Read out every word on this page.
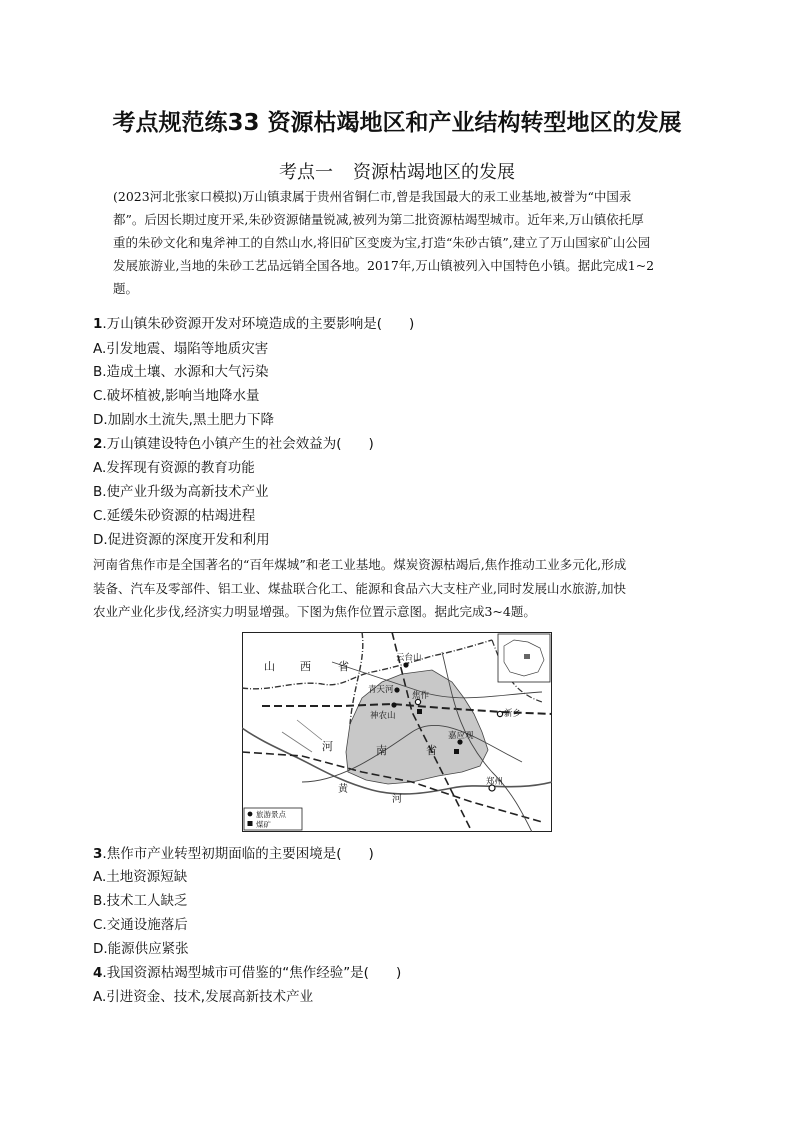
考点规范练33 资源枯竭地区和产业结构转型地区的发展
考点一 资源枯竭地区的发展
(2023河北张家口模拟)万山镇隶属于贵州省铜仁市,曾是我国最大的汞工业基地,被誉为“中国汞
都”。后因长期过度开采,朱砂资源储量锐减,被列为第二批资源枯竭型城市。近年来,万山镇依托厚
重的朱砂文化和鬼斧神工的自然山水,将旧矿区变废为宝,打造“朱砂古镇”,建立了万山国家矿山公园
发展旅游业,当地的朱砂工艺品远销全国各地。2017年,万山镇被列入中国特色小镇。据此完成1~2
题。
1.万山镇朱砂资源开发对环境造成的主要影响是(　　)
A.引发地震、塌陷等地质灾害
B.造成土壤、水源和大气污染
C.破坏植被,影响当地降水量
D.加剧水土流失,黑土肥力下降
2.万山镇建设特色小镇产生的社会效益为(　　)
A.发挥现有资源的教育功能
B.使产业升级为高新技术产业
C.延缓朱砂资源的枯竭进程
D.促进资源的深度开发和利用
河南省焦作市是全国著名的“百年煤城”和老工业基地。煤炭资源枯竭后,焦作推动工业多元化,形成
装备、汽车及零部件、铝工业、煤盐联合化工、能源和食品六大支柱产业,同时发展山水旅游,加快
农业产业化步伐,经济实力明显增强。下图为焦作位置示意图。据此完成3~4题。
山 西 省
河	南	省
黄
河
云台山
青天河
焦作
神农山	新乡
嘉应观
郑州
旅游景点
煤矿
3.焦作市产业转型初期面临的主要困境是(　　)
A.土地资源短缺
B.技术工人缺乏
C.交通设施落后
D.能源供应紧张
4.我国资源枯竭型城市可借鉴的“焦作经验”是(　　)
A.引进资金、技术,发展高新技术产业
